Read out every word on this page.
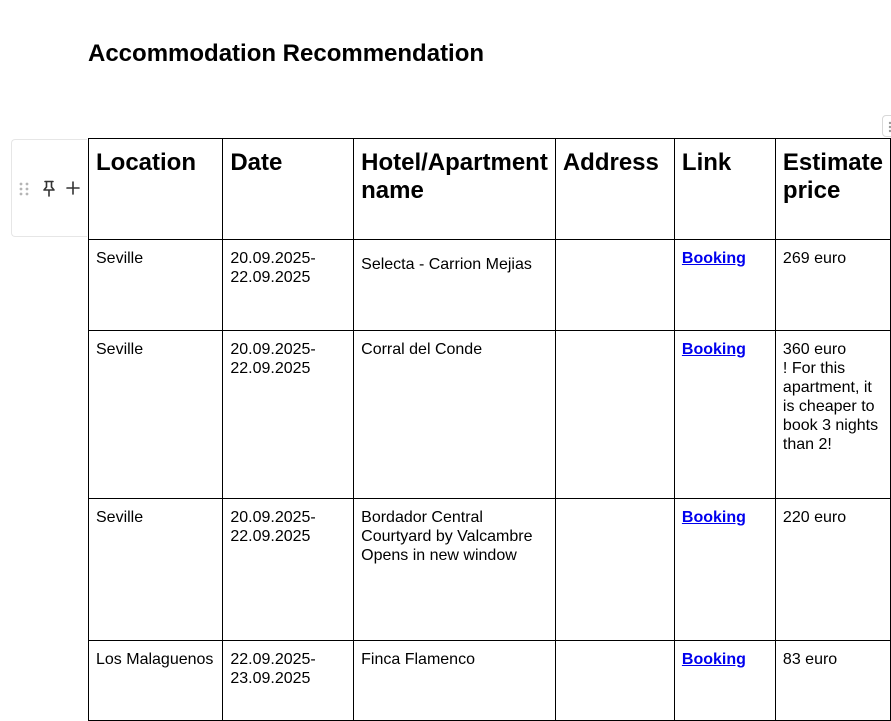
Accommodation Recommendation
Location	Date	Hotel/Apartment name	Address	Link	Estimate price
Seville	20.09.2025-22.09.2025	Selecta - Carrion Mejias		Booking	269 euro
Seville	20.09.2025-22.09.2025	Corral del Conde		Booking	360 euro
! For this apartment, it is cheaper to book 3 nights than 2!

Seville	20.09.2025-22.09.2025	Bordador Central Courtyard by Valcambre Opens in new window		Booking	220 euro
Los Malaguenos	22.09.2025-23.09.2025	Finca Flamenco		Booking	83 euro
